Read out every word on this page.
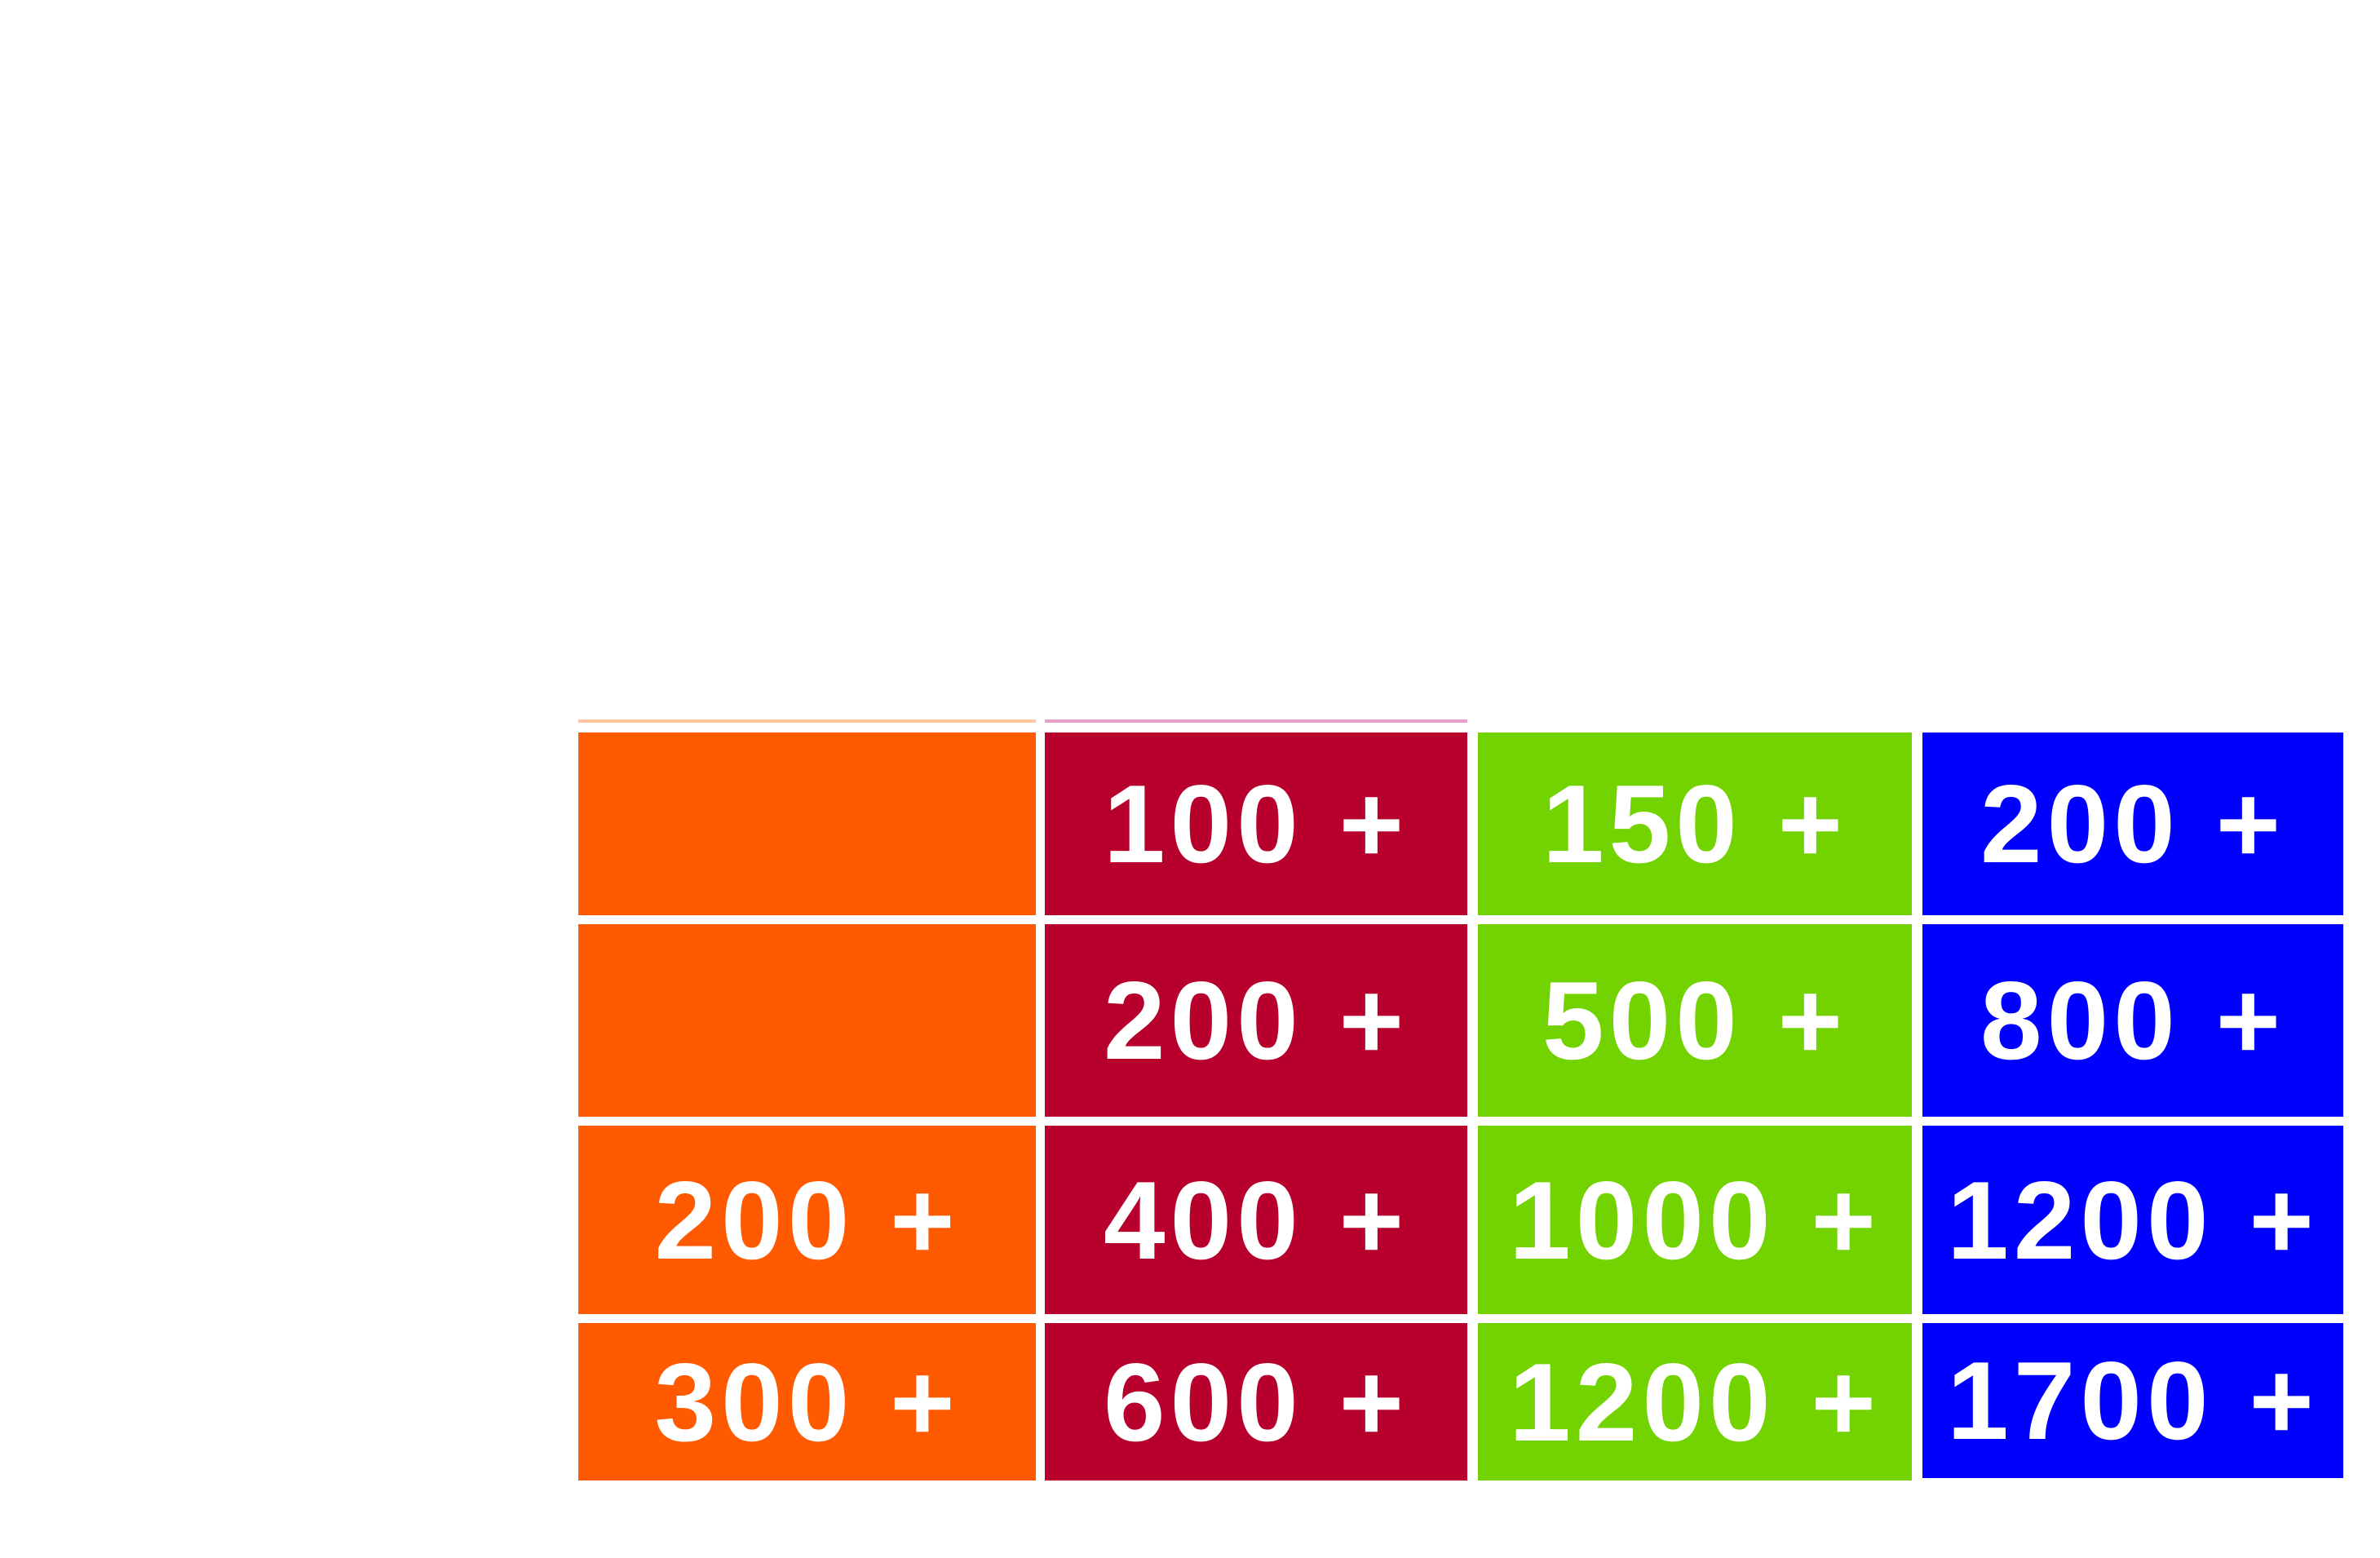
100 + 150 + 200 +
200 + 500 + 800 +
200 + 400 + 1000 + 1200 +
300 + 600 + 1200 + 1700 +
